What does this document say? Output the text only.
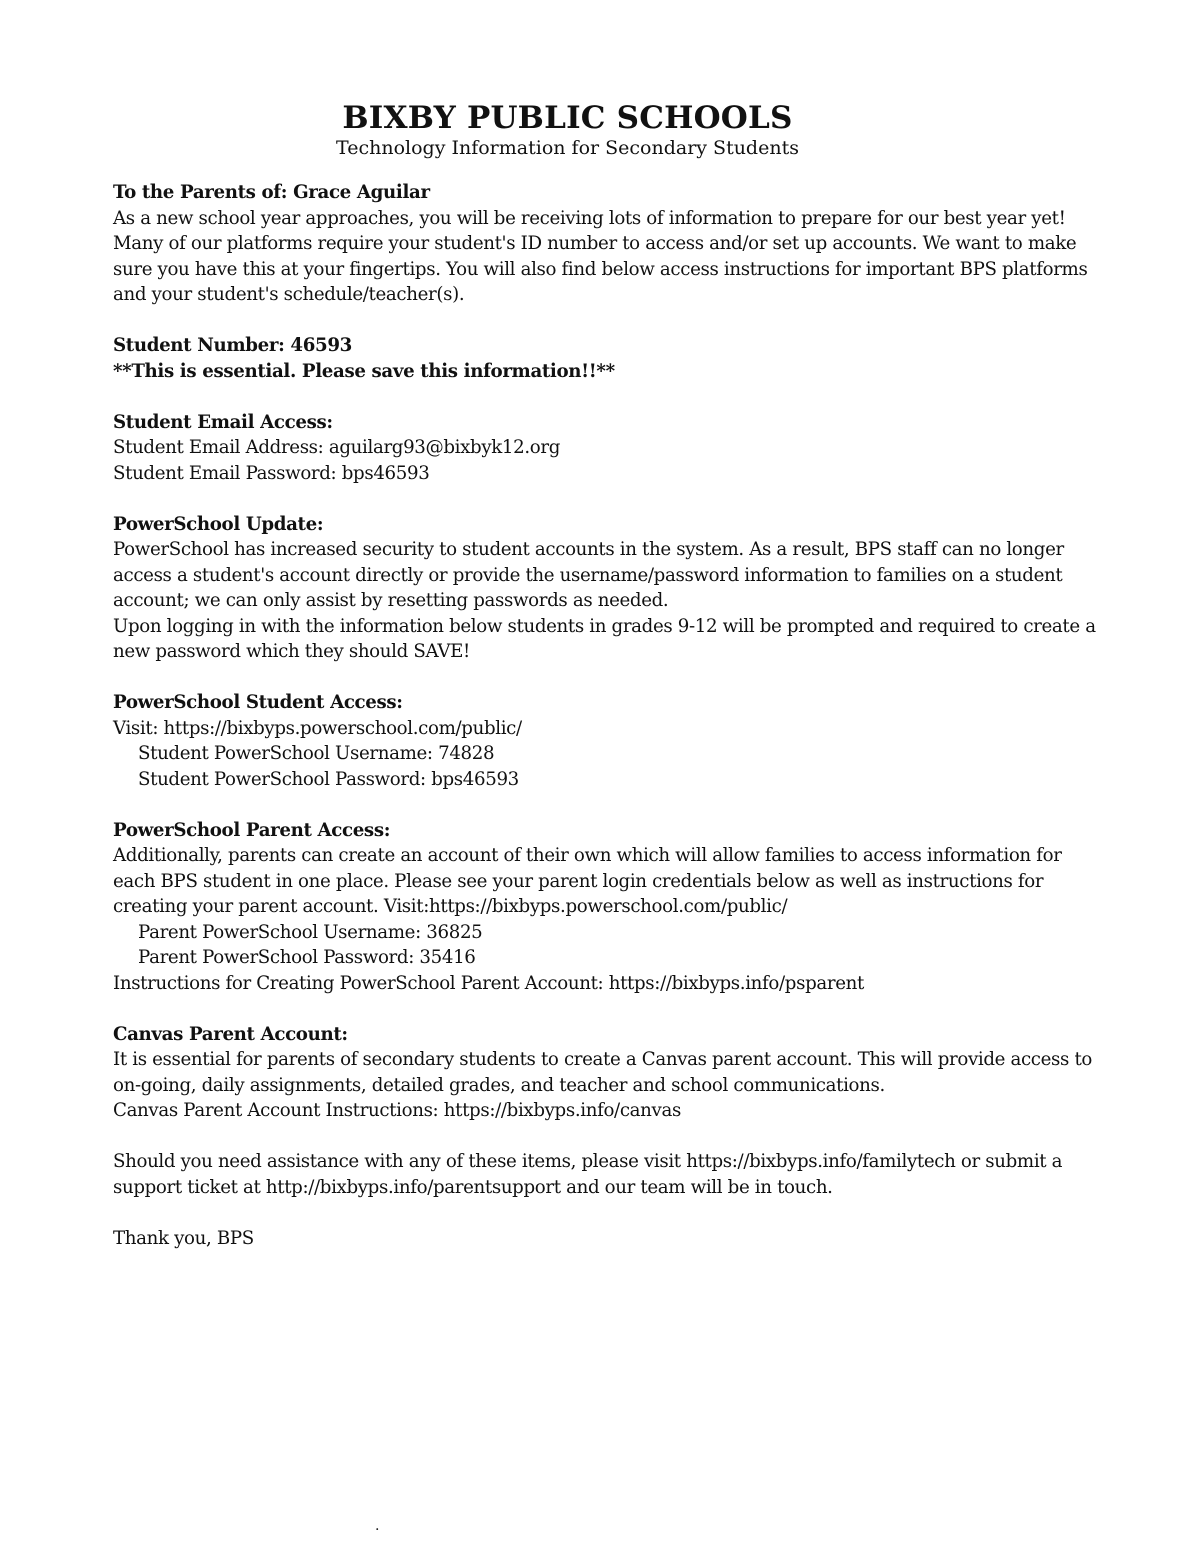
BIXBY PUBLIC SCHOOLS
Technology Information for Secondary Students
To the Parents of: Grace Aguilar
As a new school year approaches, you will be receiving lots of information to prepare for our best year yet!
Many of our platforms require your student's ID number to access and/or set up accounts. We want to make
sure you have this at your fingertips. You will also find below access instructions for important BPS platforms
and your student's schedule/teacher(s).
Student Number: 46593
**This is essential. Please save this information!!**
Student Email Access:
Student Email Address: aguilarg93@bixbyk12.org
Student Email Password: bps46593
PowerSchool Update:
PowerSchool has increased security to student accounts in the system. As a result, BPS staff can no longer
access a student's account directly or provide the username/password information to families on a student
account; we can only assist by resetting passwords as needed.
Upon logging in with the information below students in grades 9-12 will be prompted and required to create a
new password which they should SAVE!
PowerSchool Student Access:
Visit: https://bixbyps.powerschool.com/public/
Student PowerSchool Username: 74828
Student PowerSchool Password: bps46593
PowerSchool Parent Access:
Additionally, parents can create an account of their own which will allow families to access information for
each BPS student in one place. Please see your parent login credentials below as well as instructions for
creating your parent account. Visit:https://bixbyps.powerschool.com/public/
Parent PowerSchool Username: 36825
Parent PowerSchool Password: 35416
Instructions for Creating PowerSchool Parent Account: https://bixbyps.info/psparent
Canvas Parent Account:
It is essential for parents of secondary students to create a Canvas parent account. This will provide access to
on-going, daily assignments, detailed grades, and teacher and school communications.
Canvas Parent Account Instructions: https://bixbyps.info/canvas
Should you need assistance with any of these items, please visit https://bixbyps.info/familytech or submit a
support ticket at http://bixbyps.info/parentsupport and our team will be in touch.
Thank you, BPS
.
